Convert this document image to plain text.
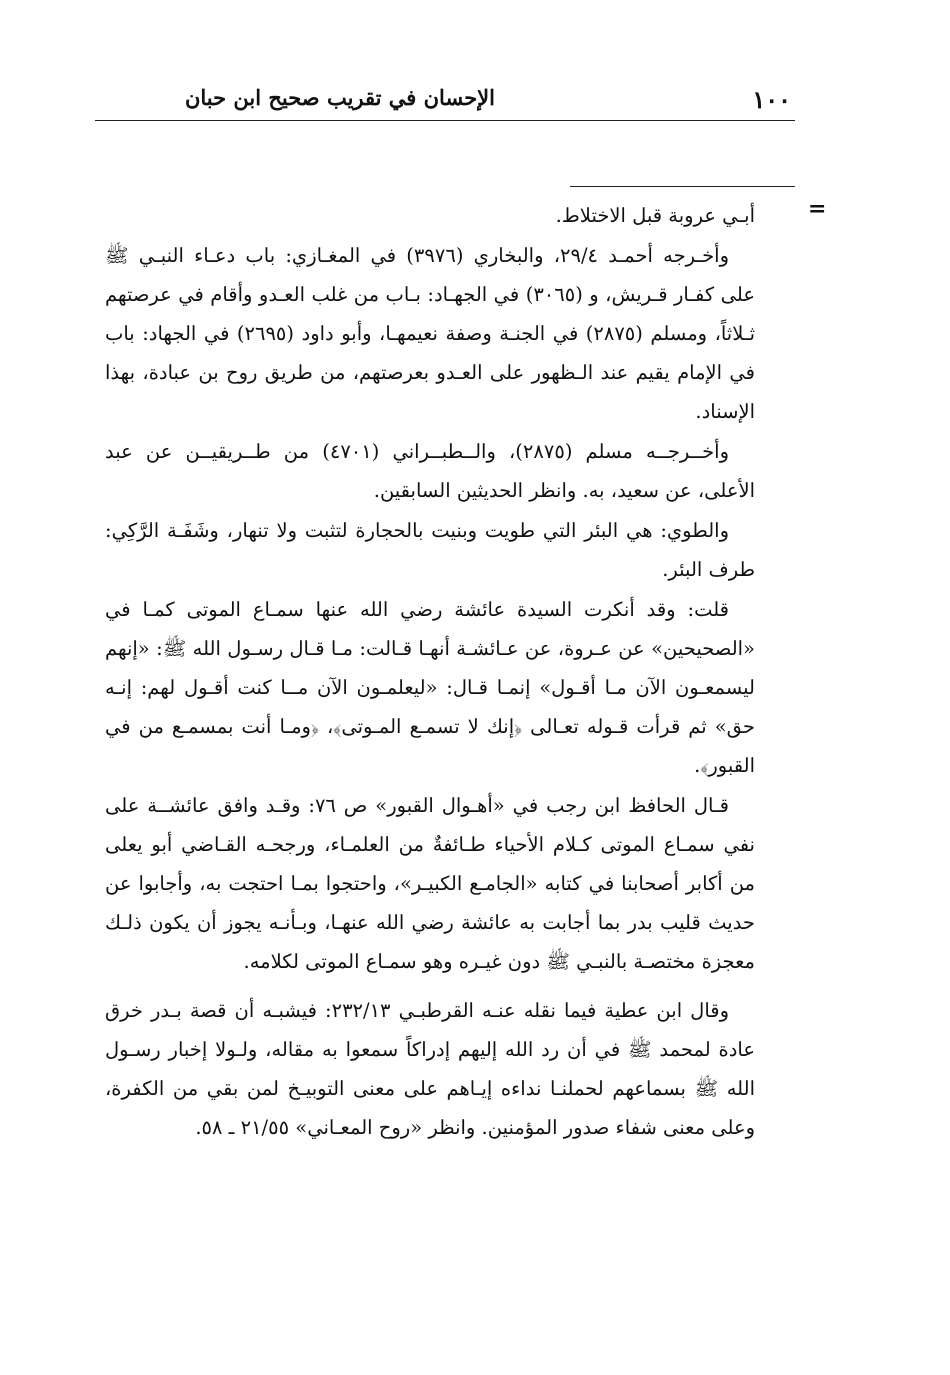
١٠٠
الإحسان في تقريب صحيح ابن حبان
=

أبـي عروبة قبل الاختلاط.

وأخـرجه أحمـد ٢٩/٤، والبخاري (٣٩٧٦) في المغـازي: باب دعـاء النبـي ﷺ على كفـار قـريش، و (٣٠٦٥) في الجهـاد: بـاب من غلب العـدو وأقام في عرصتهم ثـلاثاً، ومسلم (٢٨٧٥) في الجنـة وصفة نعيمهـا، وأبو داود (٢٦٩٥) في الجهاد: باب في الإمام يقيم عند الـظهور على العـدو بعرصتهم، من طريق روح بن عبادة، بهذا الإسناد.

وأخــرجــه مسلم (٢٨٧٥)، والــطبــراني (٤٧٠١) من طــريقيــن عن عبد الأعلى، عن سعيد، به. وانظر الحديثين السابقين.

والطوي: هي البئر التي طويت وبنيت بالحجارة لتثبت ولا تنهار، وشَفَـة الرَّكِي: طرف البئر.

قلت: وقد أنكرت السيدة عائشة رضي الله عنها سمـاع الموتى كمـا في «الصحيحين» عن عـروة، عن عـائشـة أنهـا قـالت: مـا قـال رسـول الله ﷺ: «إنهم ليسمعـون الآن مـا أقـول» إنمـا قـال: «ليعلمـون الآن مــا كنت أقـول لهم: إنـه حق» ثم قرأت قـوله تعـالى ﴿إنك لا تسمـع المـوتى﴾، ﴿ومـا أنت بمسمـع من في القبور﴾.

قـال الحافظ ابن رجب في «أهـوال القبور» ص ٧٦: وقـد وافق عائشــة على نفي سمـاع الموتى كـلام الأحياء طـائفةٌ من العلمـاء، ورجحـه القـاضي أبو يعلى من أكابر أصحابنا في كتابه «الجامـع الكبيـر»، واحتجوا بمـا احتجت به، وأجابوا عن حديث قليب بدر بما أجابت به عائشة رضي الله عنهـا، وبـأنـه يجوز أن يكون ذلـك معجزة مختصـة بالنبـي ﷺ دون غيـره وهو سمـاع الموتى لكلامه.

وقال ابن عطية فيما نقله عنـه القرطبـي ٢٣٢/١٣: فيشبـه أن قصة بـدر خرق عادة لمحمد ﷺ في أن رد الله إليهم إدراكاً سمعوا به مقاله، ولـولا إخبار رسـول الله ﷺ بسماعهم لحملنـا نداءه إيـاهم على معنى التوبيـخ لمن بقي من الكفرة، وعلى معنى شفاء صدور المؤمنين. وانظر «روح المعـاني» ٢١/٥٥ ـ ٥٨.
